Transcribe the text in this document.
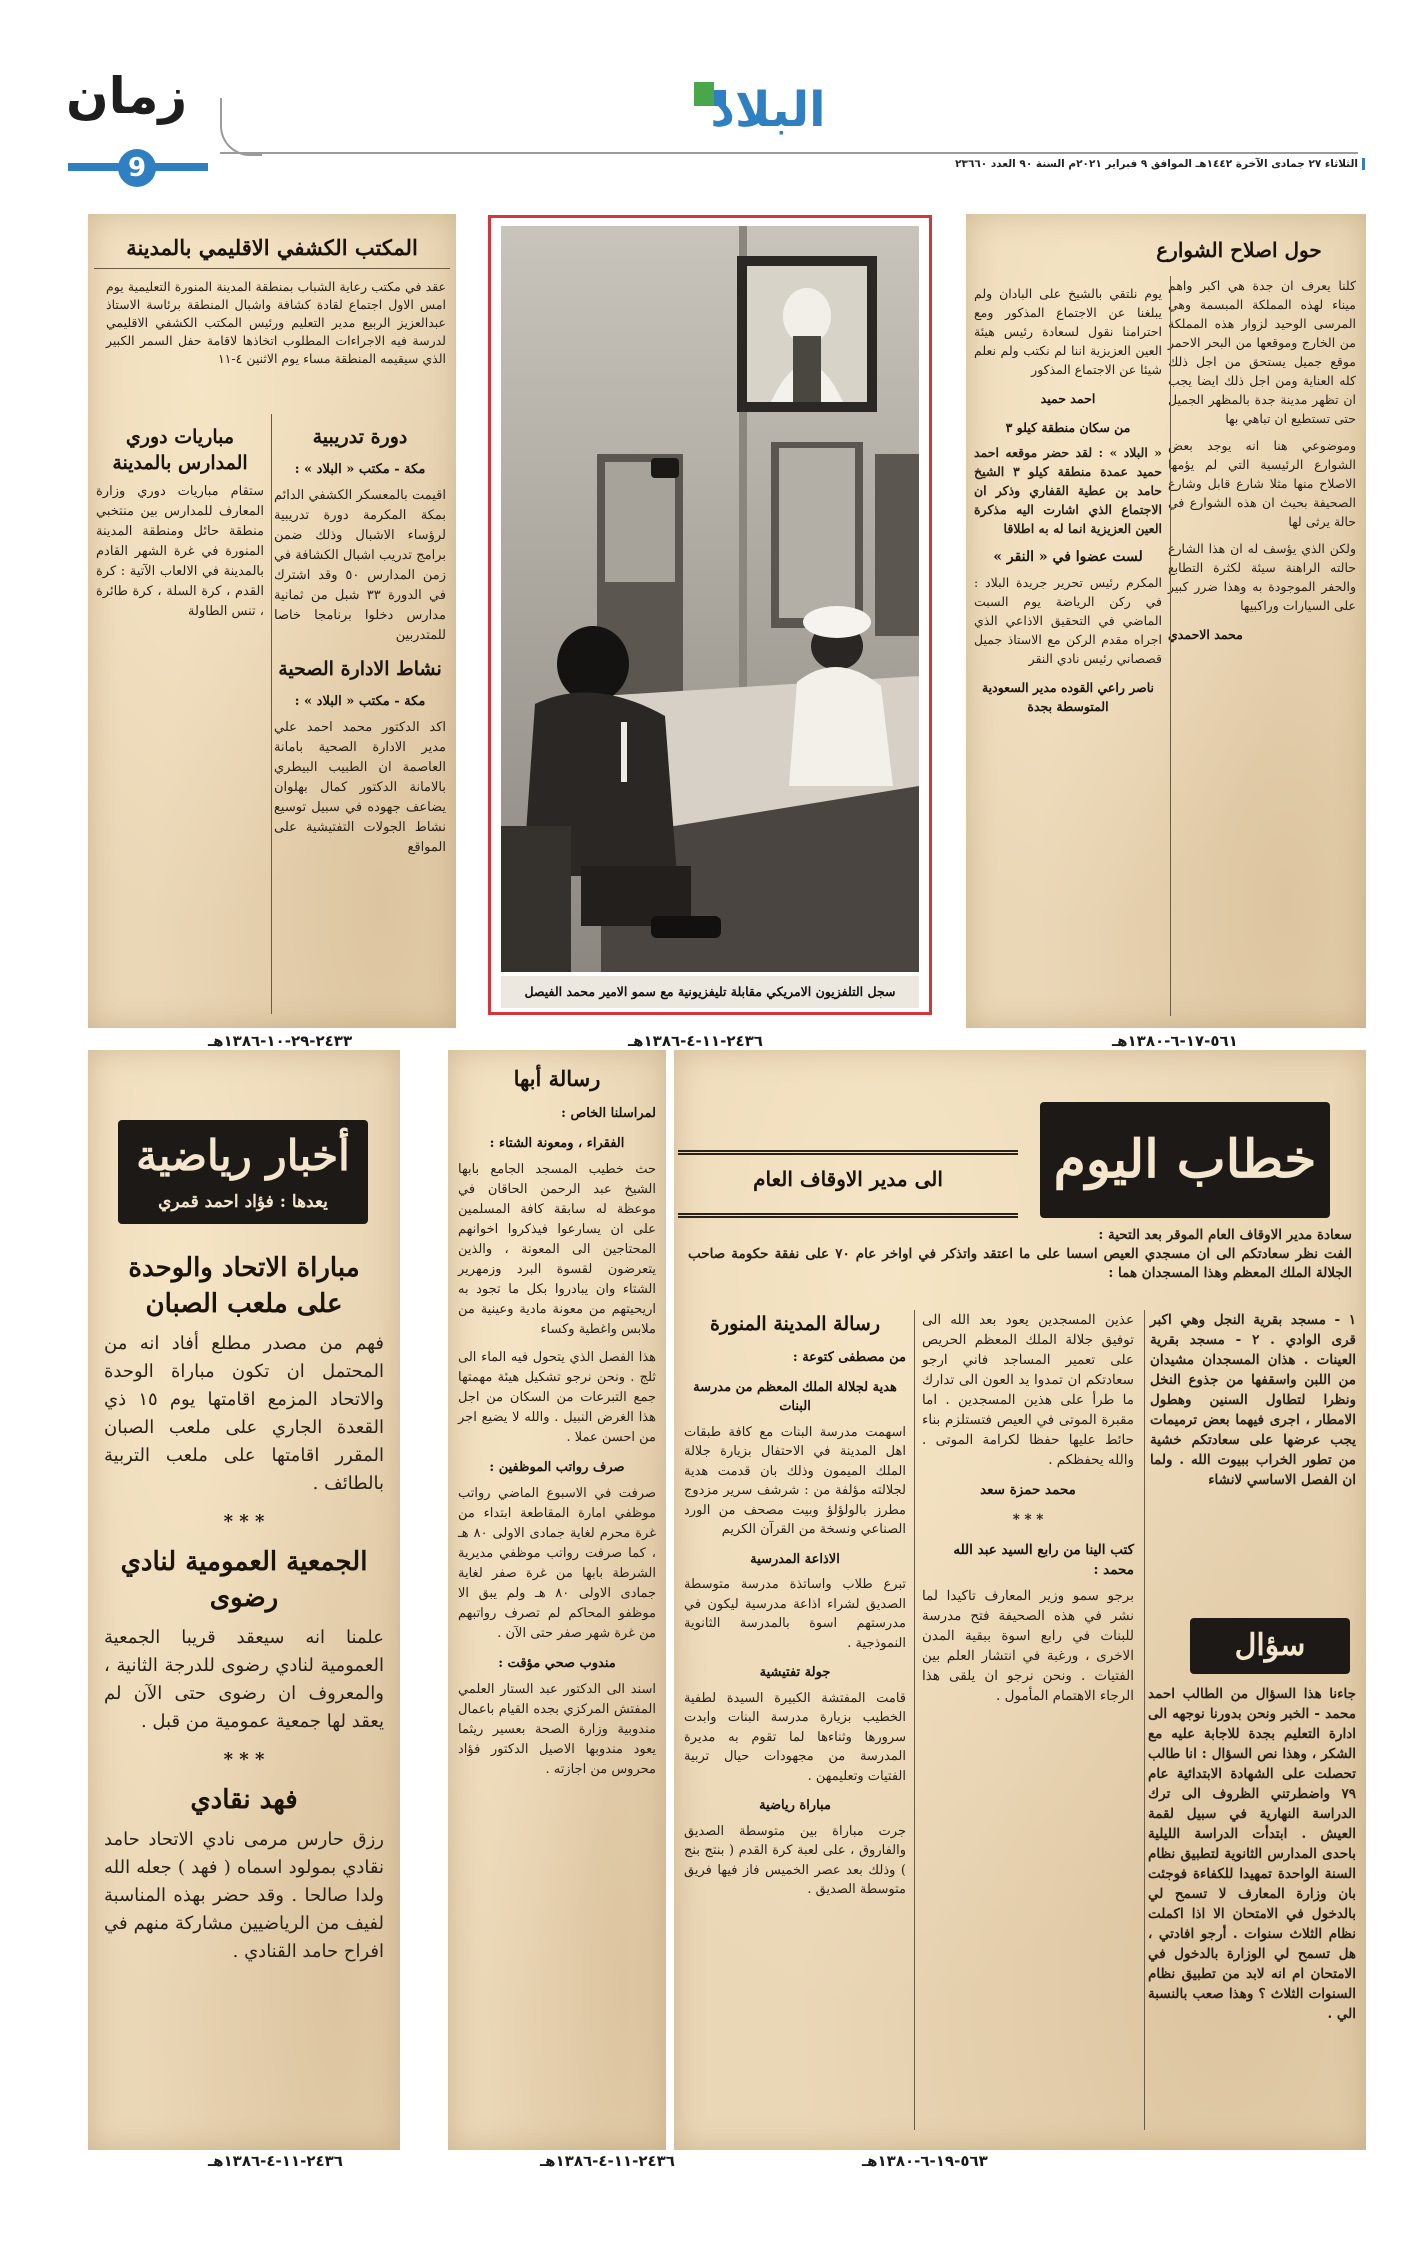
زمان
9
البلاد
الثلاثاء ٢٧ جمادى الآخرة ١٤٤٢هـ الموافق ٩ فبراير ٢٠٢١م السنة ٩٠ العدد ٢٣٦٦٠
المكتب الكشفي الاقليمي بالمدينة
عقد في مكتب رعاية الشباب بمنطقة المدينة المنورة التعليمية يوم امس الاول اجتماع لقادة كشافة واشبال المنطقة برئاسة الاستاذ عبدالعزيز الربيع مدير التعليم ورئيس المكتب الكشفي الاقليمي لدرسة فيه الاجراءات المطلوب اتخاذها لاقامة حفل السمر الكبير الذي سيقيمه المنطقة مساء يوم الاثنين ٤-١١
دورة تدريبية
مكة - مكتب « البلاد » :

اقيمت بالمعسكر الكشفي الدائم بمكة المكرمة دورة تدريبية لرؤساء الاشبال وذلك ضمن برامج تدريب اشبال الكشافة في زمن المدارس ٥٠ وقد اشترك في الدورة ٣٣ شبل من ثمانية مدارس دخلوا برنامجا خاصا للمتدربين

نشاط الادارة الصحية
مكة - مكتب « البلاد » :

اكد الدكتور محمد احمد علي مدير الادارة الصحية بامانة العاصمة ان الطبيب البيطري بالامانة الدكتور كمال بهلوان يضاعف جهوده في سبيل توسيع نشاط الجولات التفتيشية على المواقع

مباريات دوري المدارس بالمدينة

ستقام مباريات دوري وزارة المعارف للمدارس بين منتخبي منطقة حائل ومنطقة المدينة المنورة في غرة الشهر القادم بالمدينة في الالعاب الآتية : كرة القدم ، كرة السلة ، كرة طائرة ، تنس الطاولة

٢٤٣٣-٢٩-١٠-١٣٨٦هـ
سجل التلفزيون الامريكي مقابلة تليفزيونية مع سمو الامير محمد الفيصل
٢٤٣٦-١١-٤-١٣٨٦هـ
حول اصلاح الشوارع

كلنا يعرف ان جدة هي اكبر واهم ميناء لهذه المملكة المبسمة وهي المرسى الوحيد لزوار هذه المملكة من الخارج وموقعها من البحر الاحمر موقع جميل يستحق من اجل ذلك كله العناية ومن اجل ذلك ايضا يجب ان تظهر مدينة جدة بالمظهر الجميل حتى تستطيع ان تباهي بها

وموضوعي هنا انه يوجد بعض الشوارع الرئيسية التي لم يؤمها الاصلاح منها مثلا شارع قابل وشارع الصحيفة بحيث ان هذه الشوارع في حالة يرثى لها

ولكن الذي يؤسف له ان هذا الشارع حالته الراهنة سيئة لكثرة التطابع والحفر الموجودة به وهذا ضرر كبير على السيارات وراكبيها

محمد الاحمدي

يوم نلتقي بالشيخ على البادان ولم يبلغنا عن الاجتماع المذكور ومع احترامنا نقول لسعادة رئيس هيئة العين العزيزية اننا لم نكتب ولم نعلم شيئا عن الاجتماع المذكور

احمد حميد
من سكان منطقة كيلو ٣

« البلاد » : لقد حضر موقعه احمد حميد عمدة منطقة كيلو ٣ الشيخ حامد بن عطية القفاري وذكر ان الاجتماع الذي اشارت اليه مذكرة العين العزيزية انما له به اطلاقا

لست عضوا في « النقر »

المكرم رئيس تحرير جريدة البلاد : في ركن الرياضة يوم السبت الماضي في التحقيق الاذاعي الذي اجراه مقدم الركن مع الاستاذ جميل قصصاني رئيس نادي النقر

ناصر راعي القوده مدير السعودية المتوسطة بجدة
٥٦١-١٧-٦-١٣٨٠هـ
أخبار رياضية
يعدها : فؤاد احمد قمري
مباراة الاتحاد والوحدة على ملعب الصبان

فهم من مصدر مطلع أفاد انه من المحتمل ان تكون مباراة الوحدة والاتحاد المزمع اقامتها يوم ١٥ ذي القعدة الجاري على ملعب الصبان المقرر اقامتها على ملعب التربية بالطائف .

* * *
الجمعية العمومية لنادي رضوى

علمنا انه سيعقد قريبا الجمعية العمومية لنادي رضوى للدرجة الثانية ، والمعروف ان رضوى حتى الآن لم يعقد لها جمعية عمومية من قبل .

* * *
فهد نقادي

رزق حارس مرمى نادي الاتحاد حامد نقادي بمولود اسماه ( فهد ) جعله الله ولدا صالحا . وقد حضر بهذه المناسبة لفيف من الرياضيين مشاركة منهم في افراح حامد القنادي .

٢٤٣٦-١١-٤-١٣٨٦هـ
رسالة أبها
لمراسلنا الخاص :
الفقراء ، ومعونة الشتاء :

حث خطيب المسجد الجامع بابها الشيخ عبد الرحمن الحاقان في موعظة له سابقة كافة المسلمين على ان يسارعوا فيذكروا اخوانهم المحتاجين الى المعونة ، والذين يتعرضون لقسوة البرد وزمهرير الشتاء وان يبادروا بكل ما تجود به اريحيتهم من معونة مادية وعينية من ملابس واغطية وكساء

هذا الفصل الذي يتحول فيه الماء الى ثلج . ونحن نرجو تشكيل هيئة مهمتها جمع التبرعات من السكان من اجل هذا الغرض النبيل . والله لا يضيع اجر من احسن عملا .

صرف رواتب الموظفين :

صرفت في الاسبوع الماضي رواتب موظفي امارة المقاطعة ابتداء من غرة محرم لغاية جمادى الاولى ٨٠ هـ ، كما صرفت رواتب موظفي مديرية الشرطة بابها من غرة صفر لغاية جمادى الاولى ٨٠ هـ ولم يبق الا موظفو المحاكم لم تصرف رواتبهم من غرة شهر صفر حتى الآن .

مندوب صحي مؤقت :

اسند الى الدكتور عبد الستار العلمي المفتش المركزي بجده القيام باعمال مندوبية وزارة الصحة بعسير ريثما يعود مندوبها الاصيل الدكتور فؤاد محروس من اجازته .

٢٤٣٦-١١-٤-١٣٨٦هـ
خطاب اليوم
الى مدير الاوقاف العام
سعادة مدير الاوقاف العام الموقر بعد التحية :
الفت نظر سعادتكم الى ان مسجدي العيص اسسا على ما اعتقد واتذكر في اواخر عام ٧٠ على نفقة حكومة صاحب الجلالة الملك المعظم وهذا المسجدان هما :
١ - مسجد بقرية النجل وهي اكبر قرى الوادي . ٢ - مسجد بقرية العينات . هذان المسجدان مشيدان من اللبن واسقفها من جذوع النخل ونظرا لتطاول السنين وهطول الامطار ، اجرى فيهما بعض ترميمات يجب عرضها على سعادتكم خشية من تطور الخراب ببيوت الله . ولما ان الفصل الاساسي لانشاء
سؤال
جاءنا هذا السؤال من الطالب احمد محمد - الخبر ونحن بدورنا نوجهه الى ادارة التعليم بجدة للاجابة عليه مع الشكر ، وهذا نص السؤال : انا طالب تحصلت على الشهادة الابتدائية عام ٧٩ واضطرتني الظروف الى ترك الدراسة النهارية في سبيل لقمة العيش . ابتدأت الدراسة الليلية باحدى المدارس الثانوية لتطبيق نظام السنة الواحدة تمهيدا للكفاءة فوجئت بان وزارة المعارف لا تسمح لي بالدخول في الامتحان الا اذا اكملت نظام الثلاث سنوات . أرجو افادتي ، هل تسمح لي الوزارة بالدخول في الامتحان ام انه لابد من تطبيق نظام السنوات الثلاث ؟ وهذا صعب بالنسبة الي .

عذين المسجدين يعود بعد الله الى توفيق جلالة الملك المعظم الحريص على تعمير المساجد فاني ارجو سعادتكم ان تمدوا يد العون الى تدارك ما طرأ على هذين المسجدين . اما مقبرة الموتى في العيص فتستلزم بناء حائط عليها حفظا لكرامة الموتى . والله يحفظكم .

محمد حمزة سعد
* * *
كتب الينا من رابع السيد عبد الله محمد :

برجو سمو وزير المعارف تاكيدا لما نشر في هذه الصحيفة فتح مدرسة للبنات في رابع اسوة ببقية المدن الاخرى ، ورغبة في انتشار العلم بين الفتيات . ونحن نرجو ان يلقى هذا الرجاء الاهتمام المأمول .

رسالة المدينة المنورة
من مصطفى كتوعة :
هدية لجلالة الملك المعظم من مدرسة البنات

اسهمت مدرسة البنات مع كافة طبقات اهل المدينة في الاحتفال بزيارة جلالة الملك الميمون وذلك بان قدمت هدية لجلالته مؤلفة من : شرشف سرير مزدوج مطرز بالولؤلؤ وبيت مصحف من الورد الصناعي ونسخة من القرآن الكريم

الاذاعة المدرسية

تبرع طلاب واساتذة مدرسة متوسطة الصديق لشراء اذاعة مدرسية ليكون في مدرستهم اسوة بالمدرسة الثانوية النموذجية .

جولة تفتيشية

قامت المفتشة الكبيرة السيدة لطفية الخطيب بزيارة مدرسة البنات وابدت سرورها وثناءها لما تقوم به مديرة المدرسة من مجهودات حيال تربية الفتيات وتعليمهن .

مباراة رياضية

جرت مباراة بين متوسطة الصديق والفاروق ، على لعبة كرة القدم ( بنتج بنج ) وذلك بعد عصر الخميس فاز فيها فريق متوسطة الصديق .

٥٦٣-١٩-٦-١٣٨٠هـ
